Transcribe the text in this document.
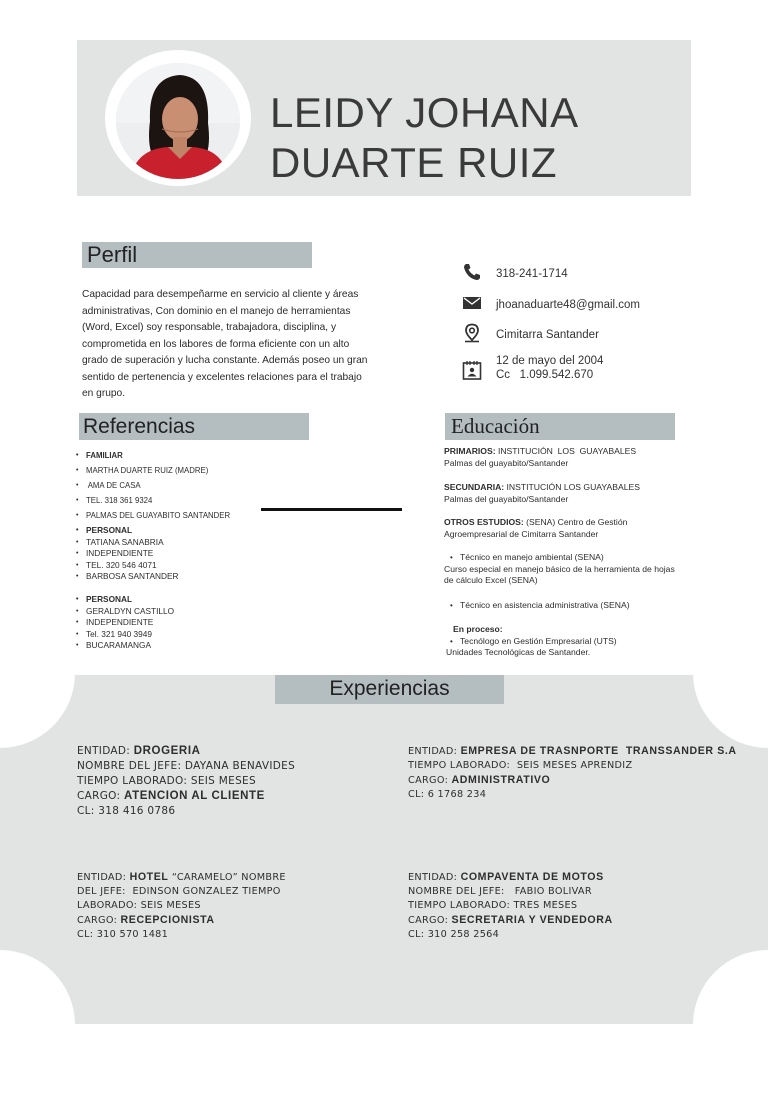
LEIDY JOHANA
DUARTE RUIZ
Perfil
Capacidad para desempeñarme en servicio al cliente y áreas administrativas, Con dominio en el manejo de herramientas (Word, Excel) soy responsable, trabajadora, disciplina, y comprometida en los labores de forma eficiente con un alto grado de superación y lucha constante. Además poseo un gran sentido de pertenencia y excelentes relaciones para el trabajo en grupo.
318-241-1714
jhoanaduarte48@gmail.com
Cimitarra Santander
12 de mayo del 2004
Cc   1.099.542.670
Referencias
• FAMILIAR
• MARTHA DUARTE RUIZ (MADRE)
•  AMA DE CASA
• TEL. 318 361 9324
• PALMAS DEL GUAYABITO SANTANDER
• PERSONAL
• TATIANA SANABRIA
• INDEPENDIENTE
• TEL. 320 546 4071
• BARBOSA SANTANDER
• PERSONAL
• GERALDYN CASTILLO
• INDEPENDIENTE
• Tel. 321 940 3949
• BUCARAMANGA
Educación
PRIMARIOS: INSTITUCIÓN  LOS  GUAYABALES
Palmas del guayabito/Santander
SECUNDARIA: INSTITUCIÓN LOS GUAYABALES
Palmas del guayabito/Santander
OTROS ESTUDIOS: (SENA) Centro de Gestión Agroempresarial de Cimitarra Santander
• Técnico en manejo ambiental (SENA)
Curso especial en manejo básico de la herramienta de hojas de cálculo Excel (SENA)
• Técnico en asistencia administrativa (SENA)
En proceso:
• Tecnólogo en Gestión Empresarial (UTS)
Unidades Tecnológicas de Santander.
Experiencias
ENTIDAD: DROGERIA
NOMBRE DEL JEFE: DAYANA BENAVIDES
TIEMPO LABORADO: SEIS MESES
CARGO: ATENCION AL CLIENTE
CL: 318 416 0786
ENTIDAD: EMPRESA DE TRASNPORTE  TRANSSANDER S.A
TIEMPO LABORADO:  SEIS MESES APRENDIZ
CARGO: ADMINISTRATIVO
CL: 6 1768 234
ENTIDAD: HOTEL “CARAMELO” NOMBRE
DEL JEFE:  EDINSON GONZALEZ TIEMPO
LABORADO: SEIS MESES
CARGO: RECEPCIONISTA
CL: 310 570 1481
ENTIDAD: COMPAVENTA DE MOTOS
NOMBRE DEL JEFE:   FABIO BOLIVAR
TIEMPO LABORADO: TRES MESES
CARGO: SECRETARIA Y VENDEDORA
CL: 310 258 2564
